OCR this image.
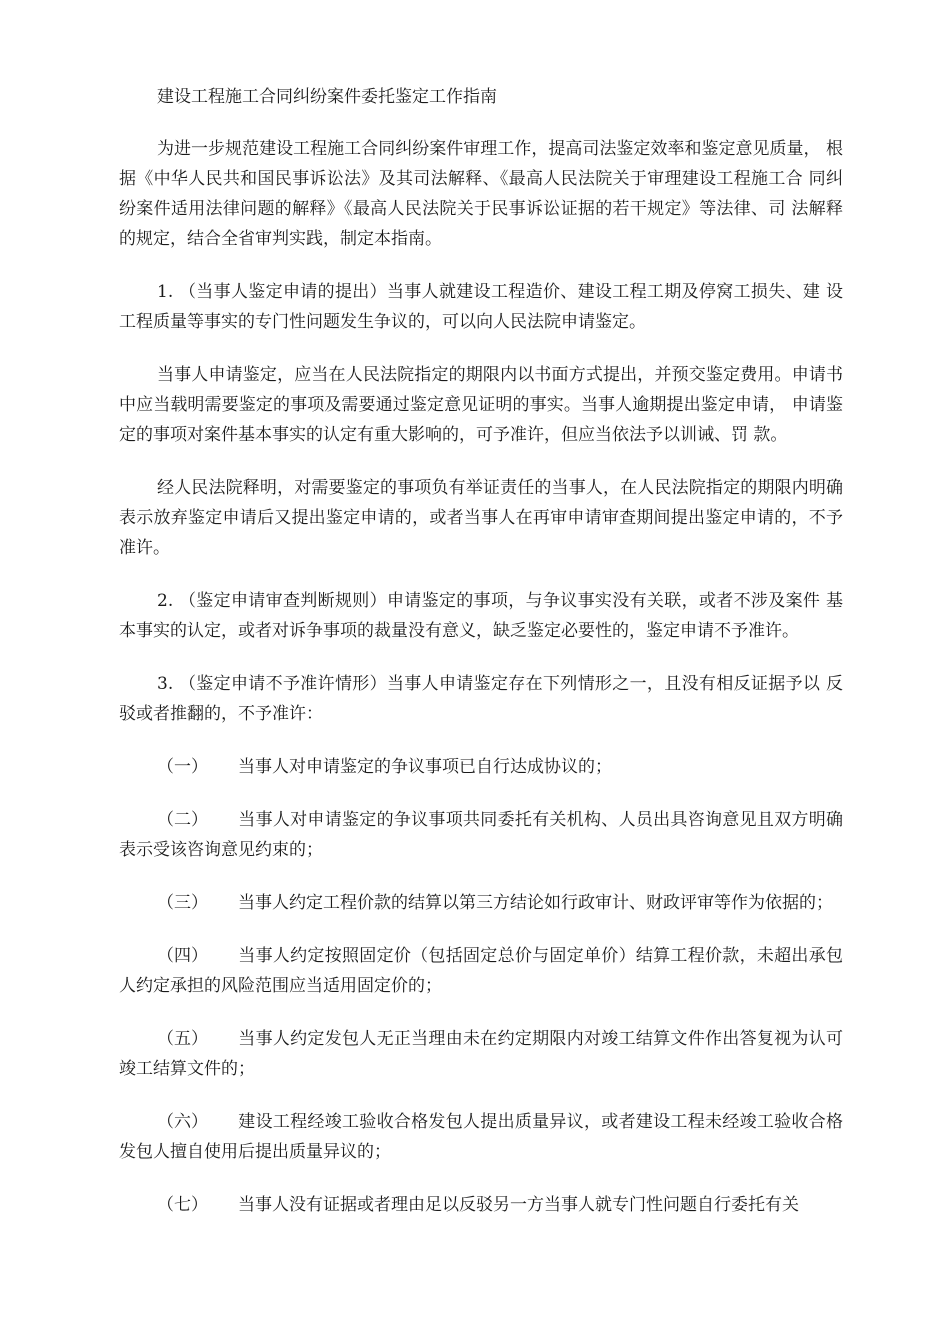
建设工程施工合同纠纷案件委托鉴定工作指南

为进一步规范建设工程施工合同纠纷案件审理工作，提高司法鉴定效率和鉴定意见质量， 根据《中华人民共和国民事诉讼法》及其司法解释、《最高人民法院关于审理建设工程施工合 同纠纷案件适用法律问题的解释》《最高人民法院关于民事诉讼证据的若干规定》等法律、司 法解释的规定，结合全省审判实践，制定本指南。

1. （当事人鉴定申请的提出）当事人就建设工程造价、建设工程工期及停窝工损失、建 设工程质量等事实的专门性问题发生争议的，可以向人民法院申请鉴定。

当事人申请鉴定，应当在人民法院指定的期限内以书面方式提出，并预交鉴定费用。申请书中应当载明需要鉴定的事项及需要通过鉴定意见证明的事实。当事人逾期提出鉴定申请， 申请鉴定的事项对案件基本事实的认定有重大影响的，可予准许，但应当依法予以训诫、罚 款。

经人民法院释明，对需要鉴定的事项负有举证责任的当事人，在人民法院指定的期限内明确表示放弃鉴定申请后又提出鉴定申请的，或者当事人在再审申请审查期间提出鉴定申请的，不予准许。

2. （鉴定申请审查判断规则）申请鉴定的事项，与争议事实没有关联，或者不涉及案件 基本事实的认定，或者对诉争事项的裁量没有意义，缺乏鉴定必要性的，鉴定申请不予准许。

3. （鉴定申请不予准许情形）当事人申请鉴定存在下列情形之一，且没有相反证据予以 反驳或者推翻的，不予准许：

（一） 当事人对申请鉴定的争议事项已自行达成协议的；

（二） 当事人对申请鉴定的争议事项共同委托有关机构、人员出具咨询意见且双方明确 表示受该咨询意见约束的；

（三） 当事人约定工程价款的结算以第三方结论如行政审计、财政评审等作为依据的；

（四） 当事人约定按照固定价（包括固定总价与固定单价）结算工程价款，未超出承包 人约定承担的风险范围应当适用固定价的；

（五） 当事人约定发包人无正当理由未在约定期限内对竣工结算文件作出答复视为认可 竣工结算文件的；

（六） 建设工程经竣工验收合格发包人提出质量异议，或者建设工程未经竣工验收合格 发包人擅自使用后提出质量异议的；

（七） 当事人没有证据或者理由足以反驳另一方当事人就专门性问题自行委托有关
